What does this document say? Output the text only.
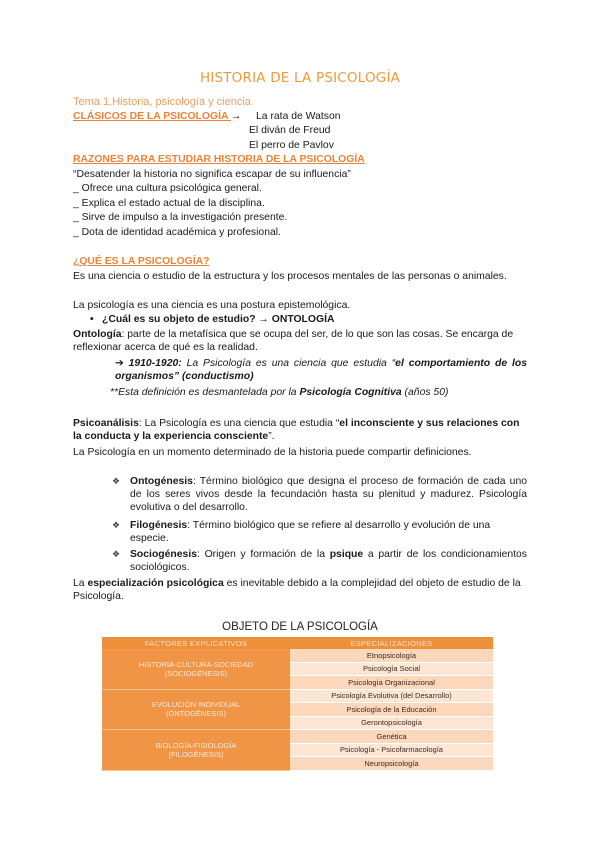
HISTORIA DE LA PSICOLOGÍA
Tema 1.Historia, psicología y ciencia
CLÁSICOS DE LA PSICOLOGÍA → La rata de Watson
El diván de Freud
El perro de Pavlov
RAZONES PARA ESTUDIAR HISTORIA DE LA PSICOLOGÍA
“Desatender la historia no significa escapar de su influencia”
_ Ofrece una cultura psicológica general.
_ Explica el estado actual de la disciplina.
_ Sirve de impulso a la investigación presente.
_ Dota de identidad académica y profesional.
¿QUÉ ES LA PSICOLOGÍA?
Es una ciencia o estudio de la estructura y los procesos mentales de las personas o animales.
La psicología es una ciencia es una postura epistemológica.
• ¿Cuál es su objeto de estudio? → ONTOLOGÍA
Ontología: parte de la metafísica que se ocupa del ser, de lo que son las cosas. Se encarga de reflexionar acerca de qué es la realidad.
➔ 1910-1920: La Psicología es una ciencia que estudia “el comportamiento de los organismos” (conductismo)
**Esta definición es desmantelada por la Psicología Cognitiva (años 50)
Psicoanálisis: La Psicología es una ciencia que estudia “el inconsciente y sus relaciones con la conducta y la experiencia consciente”.
La Psicología en un momento determinado de la historia puede compartir definiciones.
❖ Ontogénesis: Término biológico que designa el proceso de formación de cada uno de los seres vivos desde la fecundación hasta su plenitud y madurez. Psicología evolutiva o del desarrollo.
❖ Filogénesis: Término biológico que se refiere al desarrollo y evolución de una especie.
❖ Sociogénesis: Origen y formación de la psique a partir de los condicionamientos sociológicos.
La especialización psicológica es inevitable debido a la complejidad del objeto de estudio de la Psicología.
OBJETO DE LA PSICOLOGÍA
FACTORES EXPLICATIVOS	ESPECIALIZACIONES

HISTORIA-CULTURA-SOCIEDAD
(SOCIOGÉNESIS)	Etnopsicología
	Psicología Social
	Psicología Organizacional

EVOLUCIÓN INDIVIDUAL
(ONTOGÉNESIS)	Psicología Evolutiva (del Desarrollo)
	Psicología de la Educación
	Gerontopsicología

BIOLOGÍA-FISIOLOGÍA
(FILOGÉNESIS)	Genética
	Psicología - Psicofarmacología
	Neuropsicología
